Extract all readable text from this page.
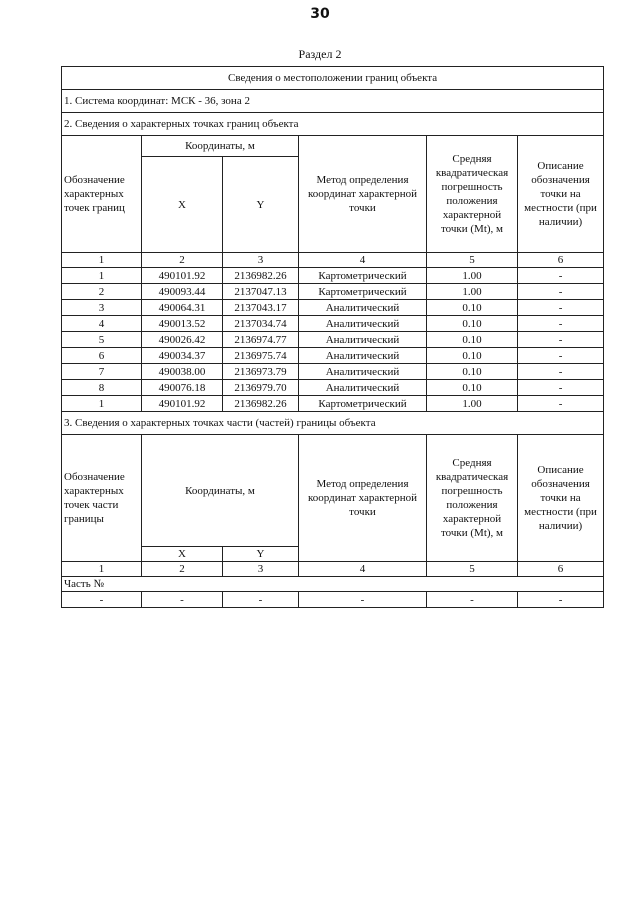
30
Раздел 2
Сведения о местоположении границ объекта					
1. Система координат: МСК - 36, зона 2					
2. Сведения о характерных точках границ объекта					
Обозначение характерных точек границ	Координаты, м		Метод определения координат характерной точки	Средняя квадратическая погрешность положения характерной точки (Mt), м	Описание обозначения точки на местности (при наличии)
	X	Y			
1	2	3	4	5	6
1	490101.92	2136982.26	Картометрический	1.00	-
2	490093.44	2137047.13	Картометрический	1.00	-
3	490064.31	2137043.17	Аналитический	0.10	-
4	490013.52	2137034.74	Аналитический	0.10	-
5	490026.42	2136974.77	Аналитический	0.10	-
6	490034.37	2136975.74	Аналитический	0.10	-
7	490038.00	2136973.79	Аналитический	0.10	-
8	490076.18	2136979.70	Аналитический	0.10	-
1	490101.92	2136982.26	Картометрический	1.00	-
3. Сведения о характерных точках части (частей) границы объекта					
Обозначение характерных точек части границы	Координаты, м		Метод определения координат характерной точки	Средняя квадратическая погрешность положения характерной точки (Mt), м	Описание обозначения точки на местности (при наличии)
	X	Y			
1	2	3	4	5	6
Часть №					
-	-	-	-	-	-
